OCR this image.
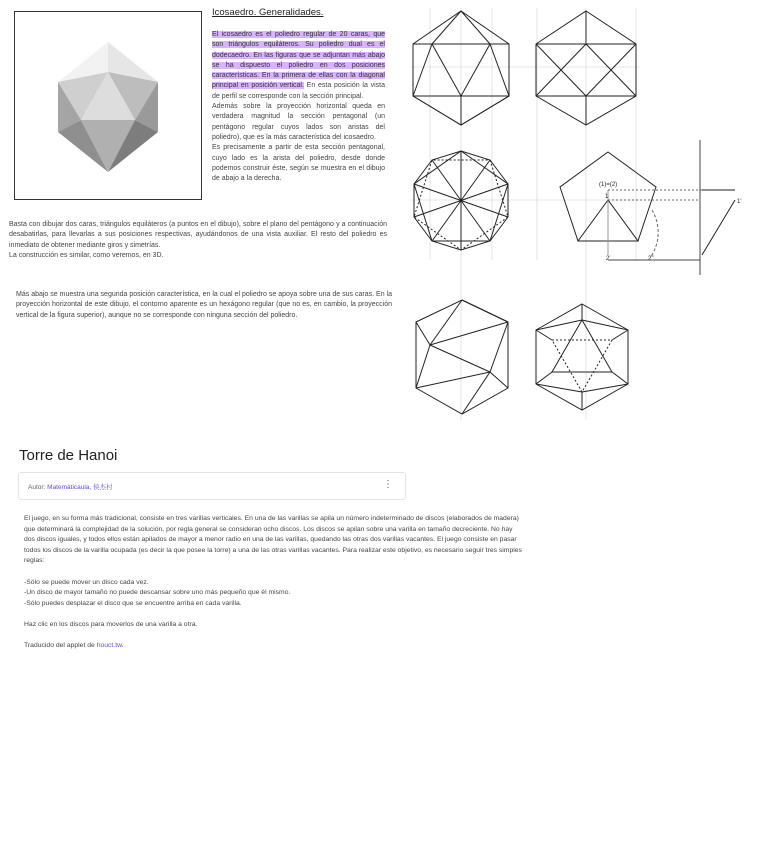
Icosaedro. Generalidades.
El icosaedro es el poliedro regular de 20 caras, que son triángulos equiláteros. Su poliedro dual es el dodecaedro. En las figuras que se adjuntan más abajo se ha dispuesto el poliedro en dos posiciones características. En la primera de ellas con la diagonal principal en posición vertical. En esta posición la vista de perfil se corresponde con la sección principal.
Además sobre la proyección horizontal queda en verdadera magnitud la sección pentagonal (un pentágono regular cuyos lados son aristas del poliedro), que es la más característica del icosaedro.
Es precisamente a partir de esta sección pentagonal, cuyo lado es la arista del poliedro, desde donde podemos construir éste, según se muestra en el dibujo de abajo a la derecha.
Basta con dibujar dos caras, triángulos equiláteros (a puntos en el dibujo), sobre el plano del pentágono y a continuación desabatirlas, para llevarlas a sus posiciones respectivas, ayudándonos de una vista auxiliar. El resto del poliedro es inmediato de obtener mediante giros y simetrías.
La construcción es similar, como veremos, en 3D.
Más abajo se muestra una segunda posición característica, en la cual el poliedro se apoya sobre una de sus caras. En la proyección horizontal de este dibujo, el contorno aparente es un hexágono regular (que no es, en cambio, la proyección vertical de la figura superior), aunque no se corresponde con ninguna sección del poliedro.
(1)=(2)
1
1'
2'	2''
Torre de Hanoi
Autor: Matemáticaula, 侯杰村	⋮

El juego, en su forma más tradicional, consiste en tres varillas verticales. En una de las varillas se apila un número indeterminado de discos (elaborados de madera) que determinará la complejidad de la solución, por regla general se consideran ocho discos. Los discos se apilan sobre una varilla en tamaño decreciente. No hay dos discos iguales, y todos ellos están apilados de mayor a menor radio en una de las varillas, quedando las otras dos varillas vacantes. El juego consiste en pasar todos los discos de la varilla ocupada (es decir la que posee la torre) a una de las otras varillas vacantes. Para realizar este objetivo, es necesario seguir tres simples reglas:

-Sólo se puede mover un disco cada vez.

-Un disco de mayor tamaño no puede descansar sobre uno más pequeño que él mismo.

-Sólo puedes desplazar el disco que se encuentre arriba en cada varilla.

Haz clic en los discos para moverlos de una varilla a otra.

Traducido del applet de houct.tw.
